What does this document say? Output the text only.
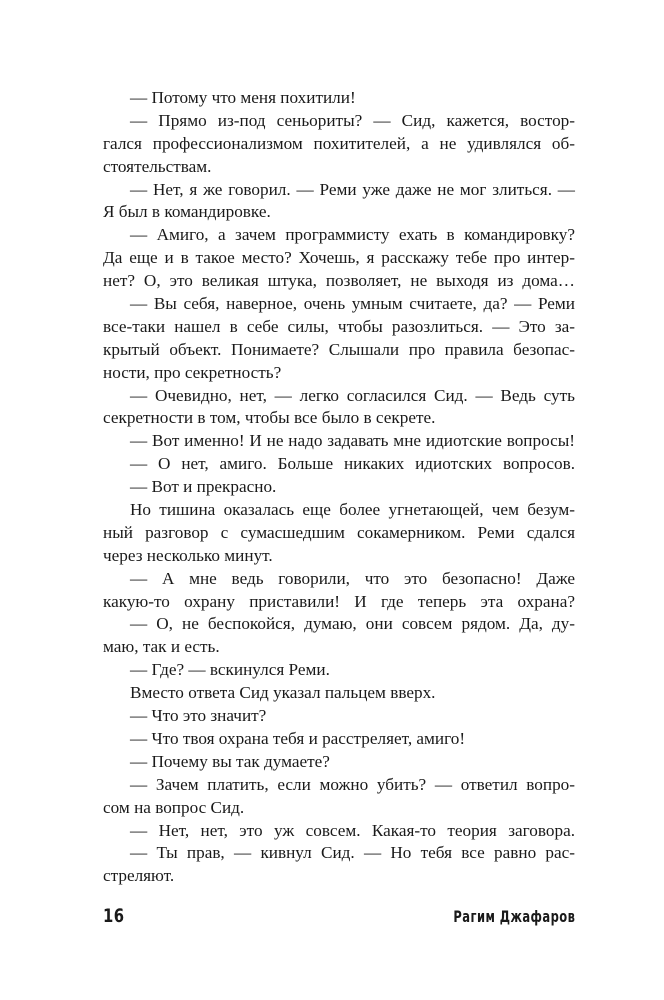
— Потому что меня похитили!
— Прямо из-под сеньориты? — Сид, кажется, востор-
гался профессионализмом похитителей, а не удивлялся об-
стоятельствам.
— Нет, я же говорил. — Реми уже даже не мог злиться. —
Я был в командировке.
— Амиго, а зачем программисту ехать в командировку?
Да еще и в такое место? Хочешь, я расскажу тебе про интер-
нет? О, это великая штука, позволяет, не выходя из дома…
— Вы себя, наверное, очень умным считаете, да? — Реми
все-таки нашел в себе силы, чтобы разозлиться. — Это за-
крытый объект. Понимаете? Слышали про правила безопас-
ности, про секретность?
— Очевидно, нет, — легко согласился Сид. — Ведь суть
секретности в том, чтобы все было в секрете.
— Вот именно! И не надо задавать мне идиотские вопросы!
— О нет, амиго. Больше никаких идиотских вопросов.
— Вот и прекрасно.
Но тишина оказалась еще более угнетающей, чем безум-
ный разговор с сумасшедшим сокамерником. Реми сдался
через несколько минут.
— А мне ведь говорили, что это безопасно! Даже
какую-то охрану приставили! И где теперь эта охрана?
— О, не беспокойся, думаю, они совсем рядом. Да, ду-
маю, так и есть.
— Где? — вскинулся Реми.
Вместо ответа Сид указал пальцем вверх.
— Что это значит?
— Что твоя охрана тебя и расстреляет, амиго!
— Почему вы так думаете?
— Зачем платить, если можно убить? — ответил вопро-
сом на вопрос Сид.
— Нет, нет, это уж совсем. Какая-то теория заговора.
— Ты прав, — кивнул Сид. — Но тебя все равно рас-
стреляют.
16	Рагим Джафаров
